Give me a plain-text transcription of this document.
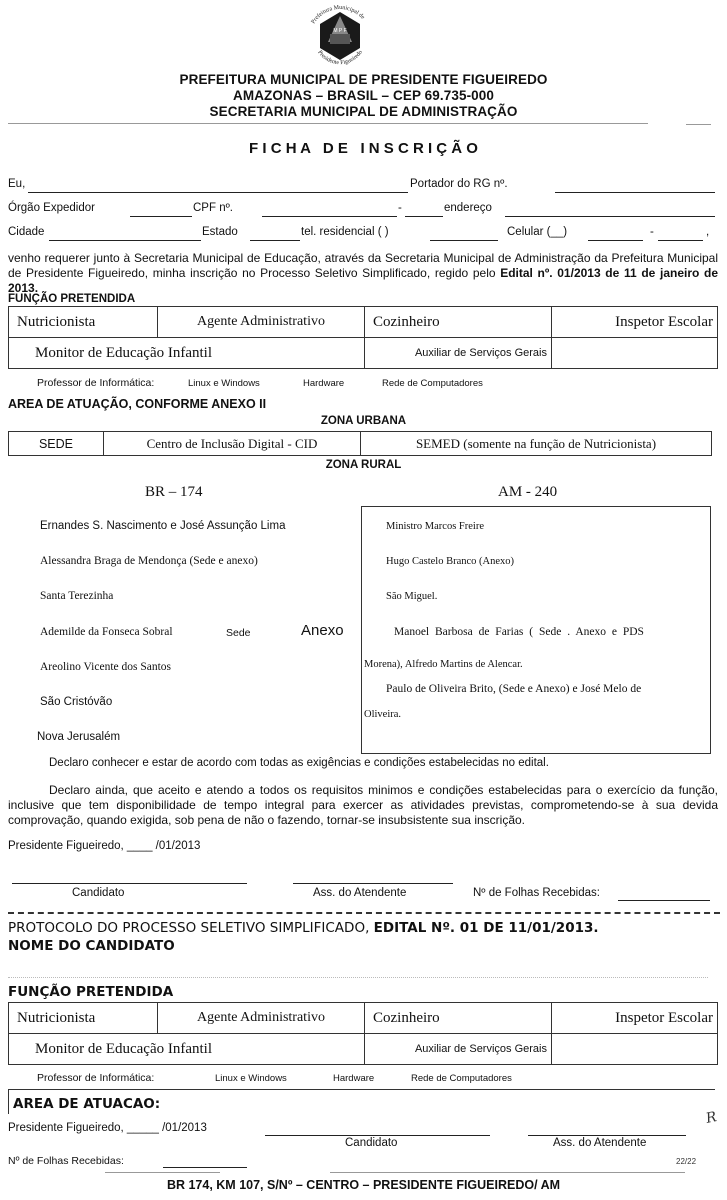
Prefeitura Municipal de
Presidente Figueiredo
M P F
PREFEITURA MUNICIPAL DE PRESIDENTE FIGUEIREDO
AMAZONAS – BRASIL – CEP 69.735-000
SECRETARIA MUNICIPAL DE ADMINISTRAÇÃO
F I C H A   D E   I N S C R I Ç Ã O
Eu,	Portador do RG nº.
Órgão Expedidor	CPF nº.	-	endereço
Cidade	Estado	tel. residencial ( )	Celular (__)	-	,
venho requerer junto à Secretaria Municipal de Educação, através da Secretaria Municipal de Administração da Prefeitura Municipal de Presidente Figueiredo, minha inscrição no Processo Seletivo Simplificado, regido pelo Edital nº. 01/2013 de 11 de janeiro de 2013.
FUNÇÃO PRETENDIDA
Nutricionista	Agente Administrativo	Cozinheiro	Inspetor Escolar
Monitor de Educação Infantil		Auxiliar de Serviços Gerais	
Professor de Informática:	Linux e Windows	Hardware	Rede de Computadores
AREA DE ATUAÇÃO, CONFORME ANEXO II
ZONA URBANA
SEDE	Centro de Inclusão Digital - CID	SEMED (somente na função de Nutricionista)
ZONA RURAL
BR – 174	AM - 240
Ernandes S. Nascimento e José Assunção Lima
Alessandra Braga de Mendonça (Sede e anexo)
Santa Terezinha
Ademilde da Fonseca Sobral	Sede	Anexo
Areolino Vicente dos Santos
São Cristóvão
Nova Jerusalém
Ministro Marcos Freire
Hugo Castelo Branco (Anexo)
São Miguel.
Manoel Barbosa de Farias ( Sede . Anexo e PDS
Morena), Alfredo Martins de Alencar.
Paulo de Oliveira Brito, (Sede e Anexo) e José Melo de
Oliveira.
Declaro conhecer e estar de acordo com todas as exigências e condições estabelecidas no edital.
Declaro ainda, que aceito e atendo a todos os requisitos minimos e condições estabelecidas para o exercício da função, inclusive que tem disponibilidade de tempo integral para exercer as atividades previstas, comprometendo-se à sua devida comprovação, quando exigida, sob pena de não o fazendo, tornar-se insubsistente sua inscrição.
Presidente Figueiredo, ____ /01/2013
Candidato	Ass. do Atendente	Nº de Folhas Recebidas:
PROTOCOLO DO PROCESSO SELETIVO SIMPLIFICADO, EDITAL Nº. 01 DE 11/01/2013.
NOME DO CANDIDATO
FUNÇÃO PRETENDIDA
Nutricionista	Agente Administrativo	Cozinheiro	Inspetor Escolar
Monitor de Educação Infantil		Auxiliar de Serviços Gerais	
Professor de Informática:	Linux e Windows	Hardware	Rede de Computadores
AREA DE ATUACAO:
R
Presidente Figueiredo, _____ /01/2013
Candidato	Ass. do Atendente
Nº de Folhas Recebidas:	22/22
BR 174, KM 107, S/Nº – CENTRO – PRESIDENTE FIGUEIREDO/ AM
